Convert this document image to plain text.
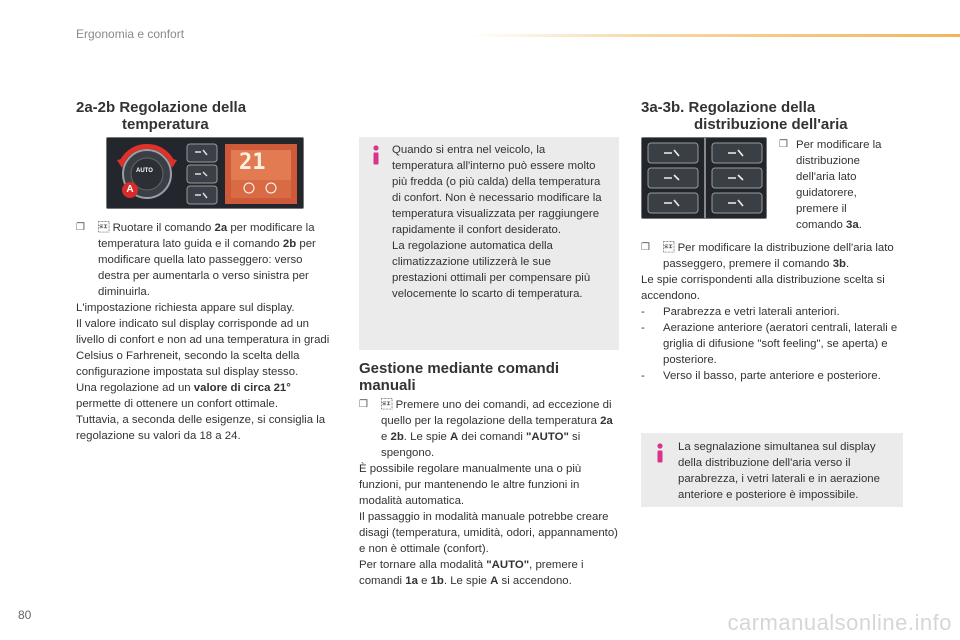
Ergonomia e confort
2a-2b Regolazione della
temperatura
AUTO	21
A

 ❒ Ruotare il comando 2a per modificare la temperatura lato guida e il comando 2b per modificare quella lato passeggero: verso destra per aumentarla o verso sinistra per diminuirla.
L'impostazione richiesta appare sul display.
Il valore indicato sul display corrisponde ad un livello di confort e non ad una temperatura in gradi Celsius o Farhreneit, secondo la scelta della configurazione impostata sul display stesso.
Una regolazione ad un valore di circa 21° permette di ottenere un confort ottimale.
Tuttavia, a seconda delle esigenze, si consiglia la regolazione su valori da 18 a 24.
Quando si entra nel veicolo, la temperatura all'interno può essere molto più fredda (o più calda) della temperatura di confort. Non è necessario modificare la temperatura visualizzata per raggiungere rapidamente il confort desiderato.
La regolazione automatica della climatizzazione utilizzerà le sue prestazioni ottimali per compensare più velocemente lo scarto di temperatura.
Gestione mediante comandi
manuali

 ❒ Premere uno dei comandi, ad eccezione di quello per la regolazione della temperatura 2a e 2b. Le spie A dei comandi "AUTO" si spengono.
È possibile regolare manualmente una o più funzioni, pur mantenendo le altre funzioni in modalità automatica.
Il passaggio in modalità manuale potrebbe creare disagi (temperatura, umidità, odori, appannamento) e non è ottimale (confort).
Per tornare alla modalità "AUTO", premere i comandi 1a e 1b. Le spie A si accendono.
3a-3b. Regolazione della
distribuzione dell'aria
❒ Per modificare la distribuzione dell'aria lato guidatorere, premere il comando 3a.

 ❒ Per modificare la distribuzione dell'aria lato passeggero, premere il comando 3b.
Le spie corrispondenti alla distribuzione scelta si accendono.
- Parabrezza e vetri laterali anteriori.
- Aerazione anteriore (aeratori centrali, laterali e griglia di difusione "soft feeling", se aperta) e posteriore.
- Verso il basso, parte anteriore e posteriore.
La segnalazione simultanea sul display della distribuzione dell'aria verso il parabrezza, i vetri laterali e in aerazione anteriore e posteriore è impossibile.
80	carmanualsonline.info
